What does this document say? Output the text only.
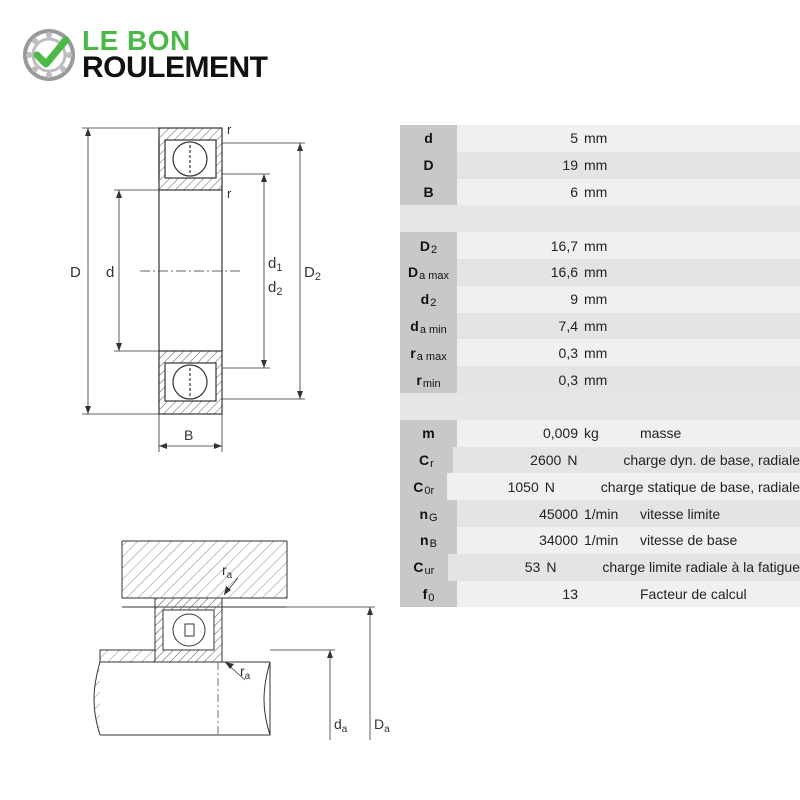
LE BON
ROULEMENT
D d
$d_1$
$d_2$
$D_2$
B
r
r
$r_a$
$r_a$
$d_a$ $D_a$
d	5 mm
D	19 mm
B	6 mm
$D_2$	16,7 mm
$D_{a max}$	16,6 mm
$d_2$	9 mm
$d_{a min}$	7,4 mm
$r_{a max}$	0,3 mm
$r_{min}$	0,3 mm
m	0,009 kg	masse
$C_r$	2600 N	charge dyn. de base, radiale
$C_{0r}$	1050 N	charge statique de base, radiale
$n_G$	45000 1/min	vitesse limite
$n_B$	34000 1/min	vitesse de base
$C_{ur}$	53 N	charge limite radiale à la fatigue
$f_0$	13	Facteur de calcul
